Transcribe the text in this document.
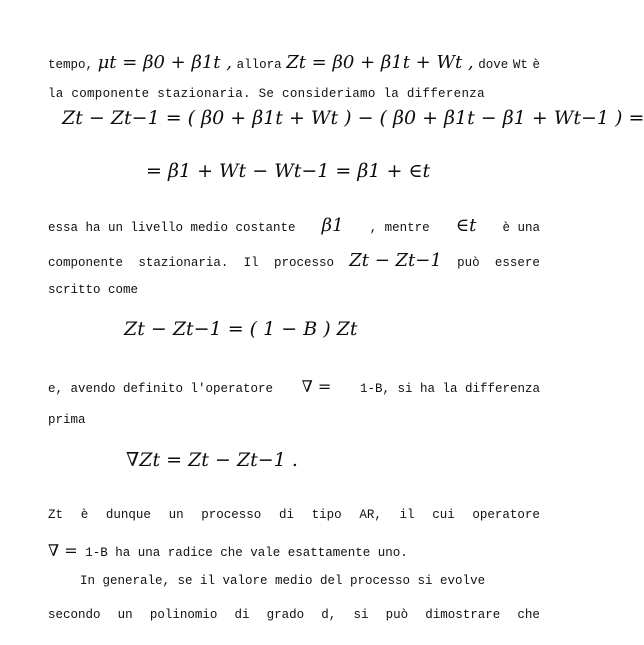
tempo, μt = β0 + β1t , allora Zt = β0 + β1t + Wt , dove Wt è
la componente stazionaria. Se consideriamo la differenza
Zt − Zt−1 = ( β0 + β1t + Wt ) − ( β0 + β1t − β1 + Wt−1 ) =
= β1 + Wt − Wt−1 = β1 + ∈t
essa ha un livello medio costante β1 , mentre ∈t è una
componente stazionaria. Il processo Zt − Zt−1 può essere
scritto come
Zt − Zt−1 = ( 1 − B ) Zt
e, avendo definito l'operatore ∇ = 1-B, si ha la differenza
prima
∇Zt = Zt − Zt−1 .
Zt è dunque un processo di tipo AR, il cui operatore
∇ = 1-B ha una radice che vale esattamente uno.
In generale, se il valore medio del processo si evolve
secondo un polinomio di grado d, si può dimostrare che
